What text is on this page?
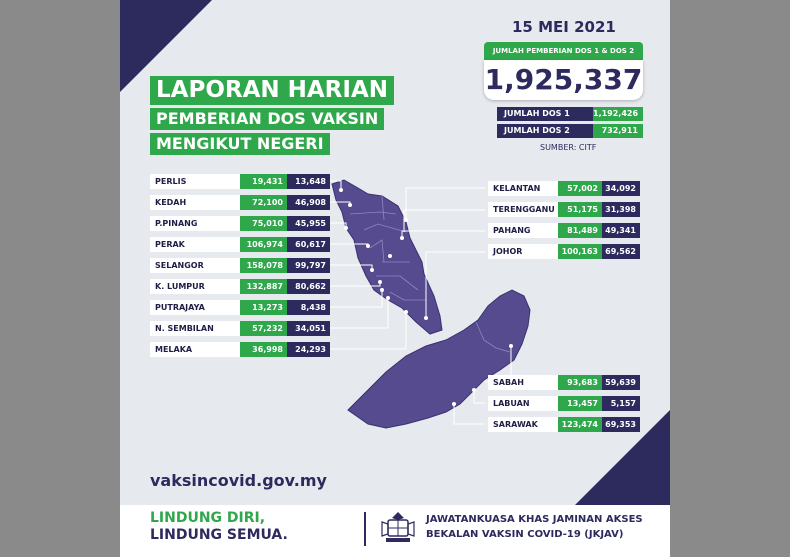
LAPORAN HARIAN
PEMBERIAN DOS VAKSIN
MENGIKUT NEGERI
15 MEI 2021
JUMLAH PEMBERIAN DOS 1 & DOS 2
1,925,337
JUMLAH DOS 1	1,192,426
JUMLAH DOS 2	732,911
SUMBER: CITF
PERLIS	19,431	13,648
KEDAH	72,100	46,908
P.PINANG	75,010	45,955
PERAK	106,974	60,617
SELANGOR	158,078	99,797
K. LUMPUR	132,887	80,662
PUTRAJAYA	13,273	8,438
N. SEMBILAN	57,232	34,051
MELAKA	36,998	24,293
KELANTAN	57,002 34,092
TERENGGANU	51,175 31,398
PAHANG	81,489 49,341
JOHOR	100,163 69,562
SABAH	93,683 59,639
LABUAN	13,457	5,157
SARAWAK	123,474 69,353
vaksincovid.gov.my
LINDUNG DIRI,
LINDUNG SEMUA.
JAWATANKUASA KHAS JAMINAN AKSES
BEKALAN VAKSIN COVID-19 (JKJAV)
